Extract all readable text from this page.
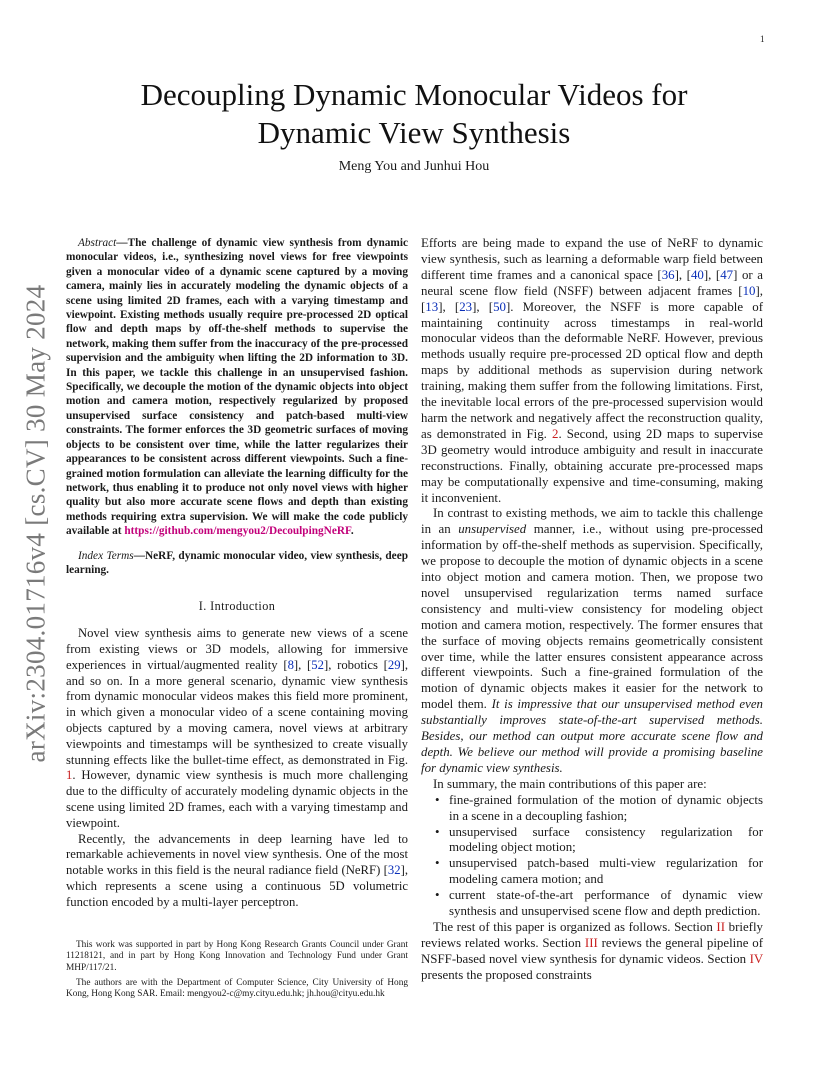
1
arXiv:2304.01716v4 [cs.CV] 30 May 2024
Decoupling Dynamic Monocular Videos for
Dynamic View Synthesis
Meng You and Junhui Hou

Abstract—The challenge of dynamic view synthesis from dynamic monocular videos, i.e., synthesizing novel views for free viewpoints given a monocular video of a dynamic scene captured by a moving camera, mainly lies in accurately modeling the dynamic objects of a scene using limited 2D frames, each with a varying timestamp and viewpoint. Existing methods usually require pre-processed 2D optical flow and depth maps by off-the-shelf methods to supervise the network, making them suffer from the inaccuracy of the pre-processed supervision and the ambiguity when lifting the 2D information to 3D. In this paper, we tackle this challenge in an unsupervised fashion. Specifically, we decouple the motion of the dynamic objects into object motion and camera motion, respectively regularized by proposed unsupervised surface consistency and patch-based multi-view constraints. The former enforces the 3D geometric surfaces of moving objects to be consistent over time, while the latter regularizes their appearances to be consistent across different viewpoints. Such a fine-grained motion formulation can alleviate the learning difficulty for the network, thus enabling it to produce not only novel views with higher quality but also more accurate scene flows and depth than existing methods requiring extra supervision. We will make the code publicly available at https://github.com/mengyou2/DecoulpingNeRF.

Index Terms—NeRF, dynamic monocular video, view synthesis, deep learning.

I. Introduction

Novel view synthesis aims to generate new views of a scene from existing views or 3D models, allowing for immersive experiences in virtual/augmented reality [8], [52], robotics [29], and so on. In a more general scenario, dynamic view synthesis from dynamic monocular videos makes this field more prominent, in which given a monocular video of a scene containing moving objects captured by a moving camera, novel views at arbitrary viewpoints and timestamps will be synthesized to create visually stunning effects like the bullet-time effect, as demonstrated in Fig. 1. However, dynamic view synthesis is much more challenging due to the difficulty of accurately modeling dynamic objects in the scene using limited 2D frames, each with a varying timestamp and viewpoint.

Recently, the advancements in deep learning have led to remarkable achievements in novel view synthesis. One of the most notable works in this field is the neural radiance field (NeRF) [32], which represents a scene using a continuous 5D volumetric function encoded by a multi-layer perceptron.

This work was supported in part by Hong Kong Research Grants Council under Grant 11218121, and in part by Hong Kong Innovation and Technology Fund under Grant MHP/117/21.

The authors are with the Department of Computer Science, City University of Hong Kong, Hong Kong SAR. Email: mengyou2-c@my.cityu.edu.hk; jh.hou@cityu.edu.hk

Efforts are being made to expand the use of NeRF to dynamic view synthesis, such as learning a deformable warp field between different time frames and a canonical space [36], [40], [47] or a neural scene flow field (NSFF) between adjacent frames [10], [13], [23], [50]. Moreover, the NSFF is more capable of maintaining continuity across timestamps in real-world monocular videos than the deformable NeRF. However, previous methods usually require pre-processed 2D optical flow and depth maps by additional methods as supervision during network training, making them suffer from the following limitations. First, the inevitable local errors of the pre-processed supervision would harm the network and negatively affect the reconstruction quality, as demonstrated in Fig. 2. Second, using 2D maps to supervise 3D geometry would introduce ambiguity and result in inaccurate reconstructions. Finally, obtaining accurate pre-processed maps may be computationally expensive and time-consuming, making it inconvenient.

In contrast to existing methods, we aim to tackle this challenge in an unsupervised manner, i.e., without using pre-processed information by off-the-shelf methods as supervision. Specifically, we propose to decouple the motion of dynamic objects in a scene into object motion and camera motion. Then, we propose two novel unsupervised regularization terms named surface consistency and multi-view consistency for modeling object motion and camera motion, respectively. The former ensures that the surface of moving objects remains geometrically consistent over time, while the latter ensures consistent appearance across different viewpoints. Such a fine-grained formulation of the motion of dynamic objects makes it easier for the network to model them. It is impressive that our unsupervised method even substantially improves state-of-the-art supervised methods. Besides, our method can output more accurate scene flow and depth. We believe our method will provide a promising baseline for dynamic view synthesis.

In summary, the main contributions of this paper are:

• fine-grained formulation of the motion of dynamic objects in a scene in a decoupling fashion;
• unsupervised surface consistency regularization for modeling object motion;
• unsupervised patch-based multi-view regularization for modeling camera motion; and
• current state-of-the-art performance of dynamic view synthesis and unsupervised scene flow and depth prediction.

The rest of this paper is organized as follows. Section II briefly reviews related works. Section III reviews the general pipeline of NSFF-based novel view synthesis for dynamic videos. Section IV presents the proposed constraints
